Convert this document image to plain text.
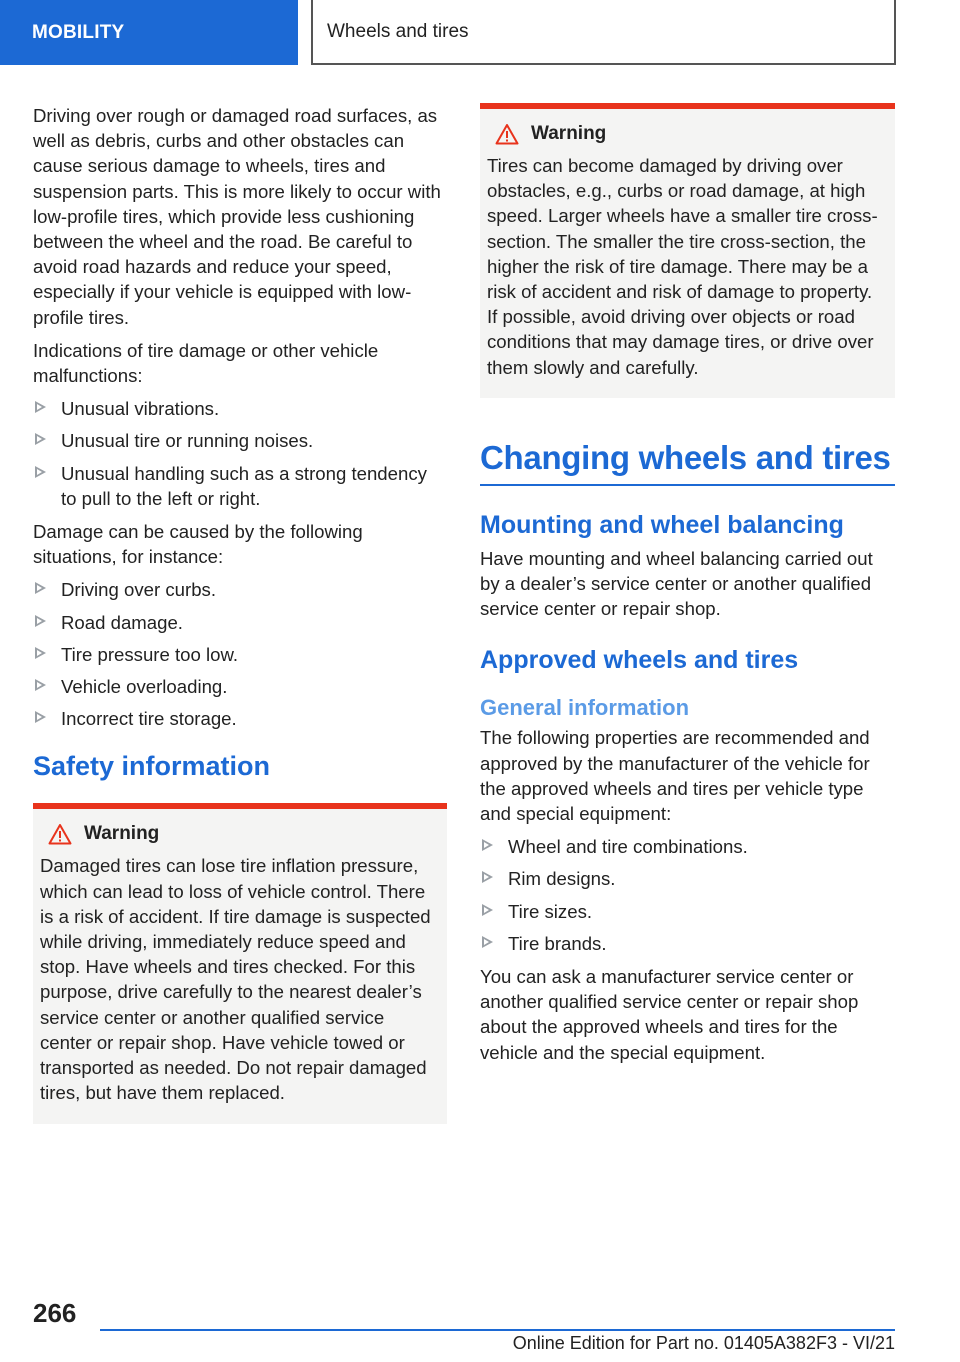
MOBILITY	Wheels and tires

Driving over rough or damaged road surfaces, as well as debris, curbs and other obstacles can cause serious damage to wheels, tires and suspension parts. This is more likely to occur with low-profile tires, which provide less cushioning between the wheel and the road. Be careful to avoid road hazards and reduce your speed, especially if your vehicle is equipped with low-profile tires.

Indications of tire damage or other vehicle malfunctions:

Unusual vibrations.
Unusual tire or running noises.
Unusual handling such as a strong tendency to pull to the left or right.

Damage can be caused by the following situations, for instance:

Driving over curbs.
Road damage.
Tire pressure too low.
Vehicle overloading.
Incorrect tire storage.
Safety information
Warning

Damaged tires can lose tire inflation pressure, which can lead to loss of vehicle control. There is a risk of accident. If tire damage is suspected while driving, immediately reduce speed and stop. Have wheels and tires checked. For this purpose, drive carefully to the nearest dealer’s service center or another qualified service center or repair shop. Have vehicle towed or transported as needed. Do not repair damaged tires, but have them replaced.

Warning

Tires can become damaged by driving over obstacles, e.g., curbs or road damage, at high speed. Larger wheels have a smaller tire cross-section. The smaller the tire cross-section, the higher the risk of tire damage. There may be a risk of accident and risk of damage to property. If possible, avoid driving over objects or road conditions that may damage tires, or drive over them slowly and carefully.

Changing wheels and tires
Mounting and wheel balancing

Have mounting and wheel balancing carried out by a dealer’s service center or another qualified service center or repair shop.

Approved wheels and tires
General information

The following properties are recommended and approved by the manufacturer of the vehicle for the approved wheels and tires per vehicle type and special equipment:

Wheel and tire combinations.
Rim designs.
Tire sizes.
Tire brands.

You can ask a manufacturer service center or another qualified service center or repair shop about the approved wheels and tires for the vehicle and the special equipment.

266
Online Edition for Part no. 01405A382F3 - VI/21
